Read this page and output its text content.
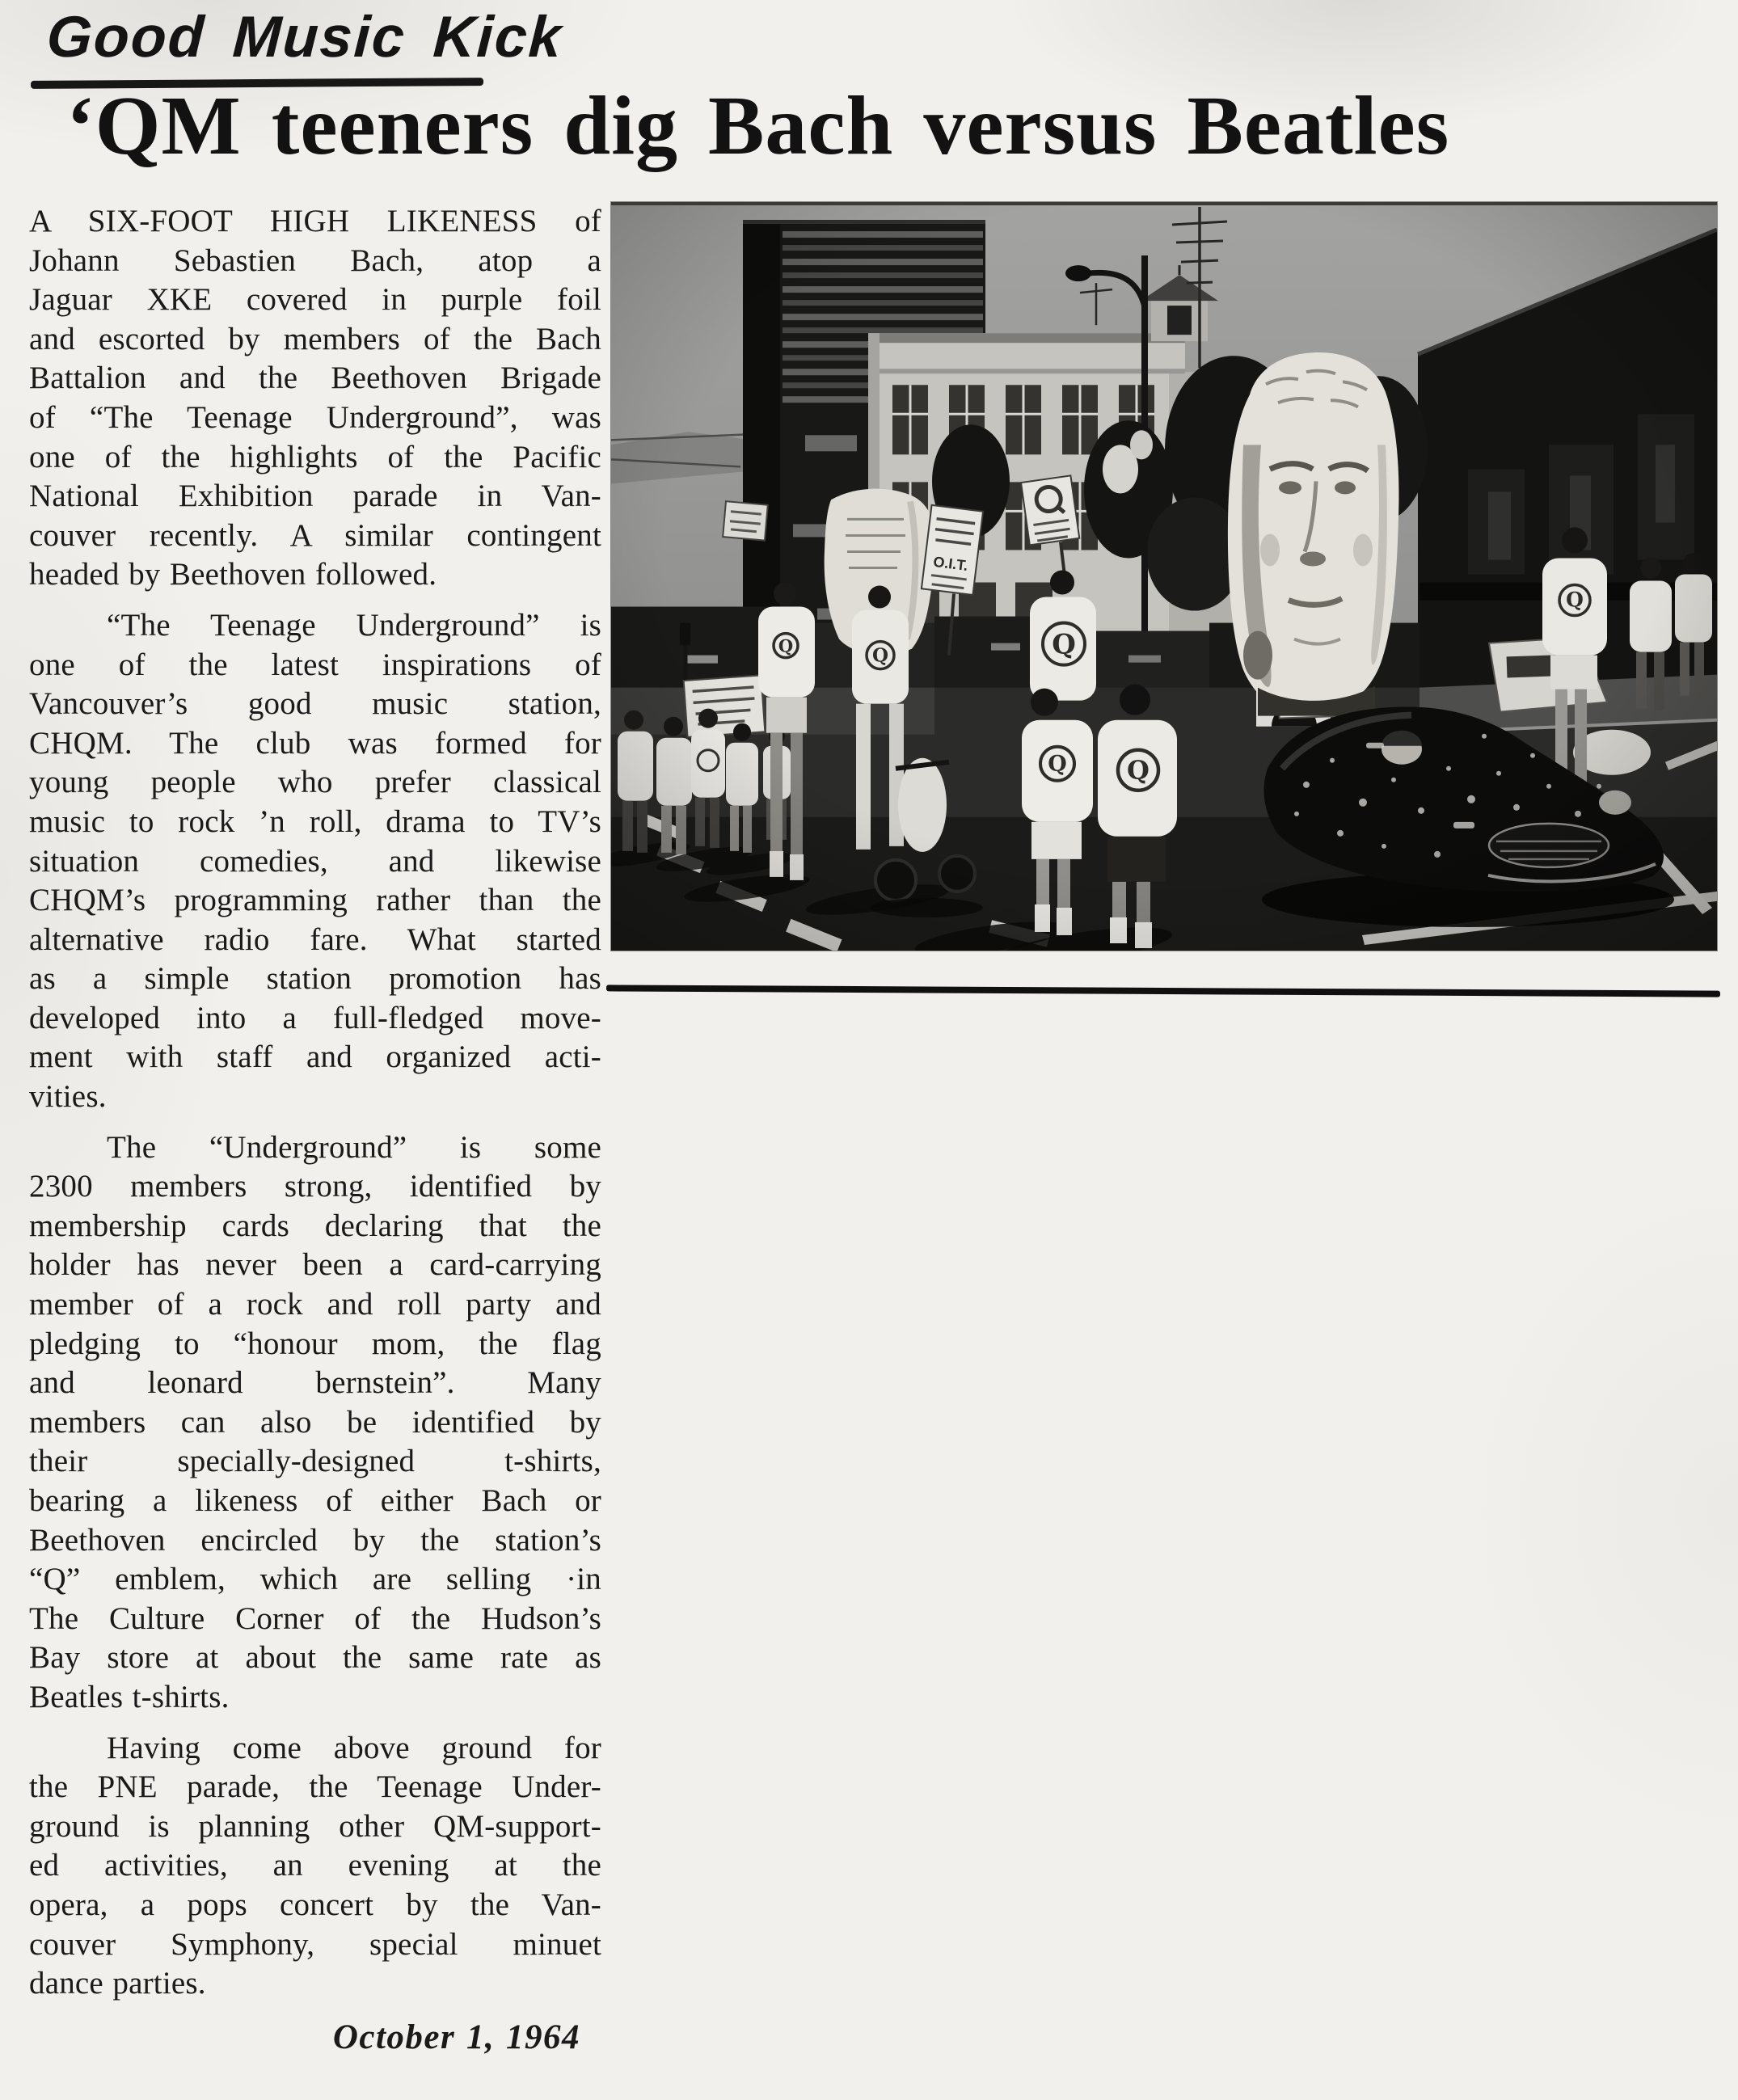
Good Music Kick
‘QM teeners dig Bach versus Beatles
A SIX-FOOT HIGH LIKENESS of
Johann Sebastien Bach, atop a
Jaguar XKE covered in purple foil
and escorted by members of the Bach
Battalion and the Beethoven Brigade
of “The Teenage Underground”, was
one of the highlights of the Pacific
National Exhibition parade in Van-
couver recently. A similar contingent
headed by Beethoven followed.
“The Teenage Underground” is
one of the latest inspirations of
Vancouver’s good music station,
CHQM. The club was formed for
young people who prefer classical
music to rock ’n roll, drama to TV’s
situation comedies, and likewise
CHQM’s programming rather than the
alternative radio fare. What started
as a simple station promotion has
developed into a full-fledged move-
ment with staff and organized acti-
vities.
The “Underground” is some
2300 members strong, identified by
membership cards declaring that the
holder has never been a card-carrying
member of a rock and roll party and
pledging to “honour mom, the flag
and leonard bernstein”. Many
members can also be identified by
their specially-designed t-shirts,
bearing a likeness of either Bach or
Beethoven encircled by the station’s
“Q” emblem, which are selling ·in
The Culture Corner of the Hudson’s
Bay store at about the same rate as
Beatles t-shirts.
Having come above ground for
the PNE parade, the Teenage Under-
ground is planning other QM-support-
ed activities, an evening at the
opera, a pops concert by the Van-
couver Symphony, special minuet
dance parties.
October 1, 1964
